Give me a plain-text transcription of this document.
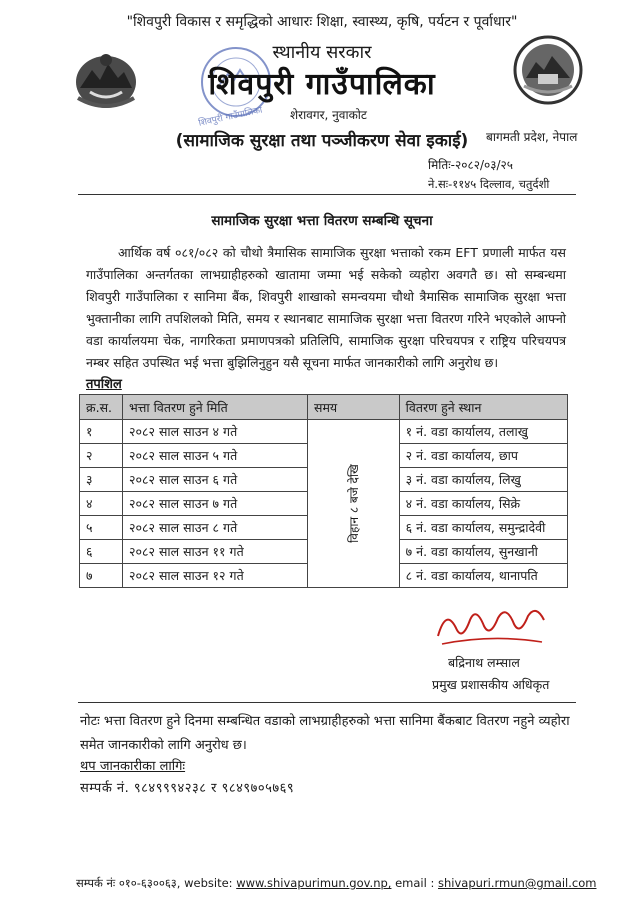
शिवपुरी गाउँपालिका
"शिवपुरी विकास र समृद्धिको आधारः शिक्षा, स्वास्थ्य, कृषि, पर्यटन र पूर्वाधार"
स्थानीय सरकार
शिवपुरी गाउँपालिका
शेरावगर, नुवाकोट
(सामाजिक सुरक्षा तथा पञ्जीकरण सेवा इकाई)	बागमती प्रदेश, नेपाल
मितिः-२०८२/०३/२५
ने.सः-११४५ दिल्लाव, चतुर्दशी
सामाजिक सुरक्षा भत्ता वितरण सम्बन्धि सूचना
आर्थिक वर्ष ०८१/०८२ को चौथो त्रैमासिक सामाजिक सुरक्षा भत्ताको रकम EFT प्रणाली मार्फत यस गाउँपालिका अन्तर्गतका लाभग्राहीहरुको खातामा जम्मा भई सकेको व्यहोरा अवगतै छ। सो सम्बन्धमा शिवपुरी गाउँपालिका र सानिमा बैंक, शिवपुरी शाखाको समन्वयमा चौथो त्रैमासिक सामाजिक सुरक्षा भत्ता भुक्तानीका लागि तपशिलको मिति, समय र स्थानबाट सामाजिक सुरक्षा भत्ता वितरण गरिने भएकोले आफ्नो वडा कार्यालयमा चेक, नागरिकता प्रमाणपत्रको प्रतिलिपि, सामाजिक सुरक्षा परिचयपत्र र राष्ट्रिय परिचयपत्र नम्बर सहित उपस्थित भई भत्ता बुझिलिनुहुन यसै सूचना मार्फत जानकारीको लागि अनुरोध छ।
तपशिल
क्र.स.	भत्ता वितरण हुने मिति	समय	वितरण हुने स्थान
१	२०८२ साल साउन ४ गते	विहान ८ बजे देखि	१ नं. वडा कार्यालय, तलाखु
२	२०८२ साल साउन ५ गते		२ नं. वडा कार्यालय, छाप
३	२०८२ साल साउन ६ गते		३ नं. वडा कार्यालय, लिखु
४	२०८२ साल साउन ७ गते		४ नं. वडा कार्यालय, सिक्रे
५	२०८२ साल साउन ८ गते		६ नं. वडा कार्यालय, समुन्द्रादेवी
६	२०८२ साल साउन ११ गते		७ नं. वडा कार्यालय, सुनखानी
७	२०८२ साल साउन १२ गते		८ नं. वडा कार्यालय, थानापति
बद्रिनाथ लम्साल
प्रमुख प्रशासकीय अधिकृत
नोटः भत्ता वितरण हुने दिनमा सम्बन्धित वडाको लाभग्राहीहरुको भत्ता सानिमा बैंकबाट वितरण नहुने व्यहोरा समेत जानकारीको लागि अनुरोध छ।
थप जानकारीका लागिः
सम्पर्क नं. ९८४९९९४२३८ र ९८४९७०५७६९
सम्पर्क नंः ०१०-६३००६३, website: www.shivapurimun.gov.np, email : shivapuri.rmun@gmail.com
